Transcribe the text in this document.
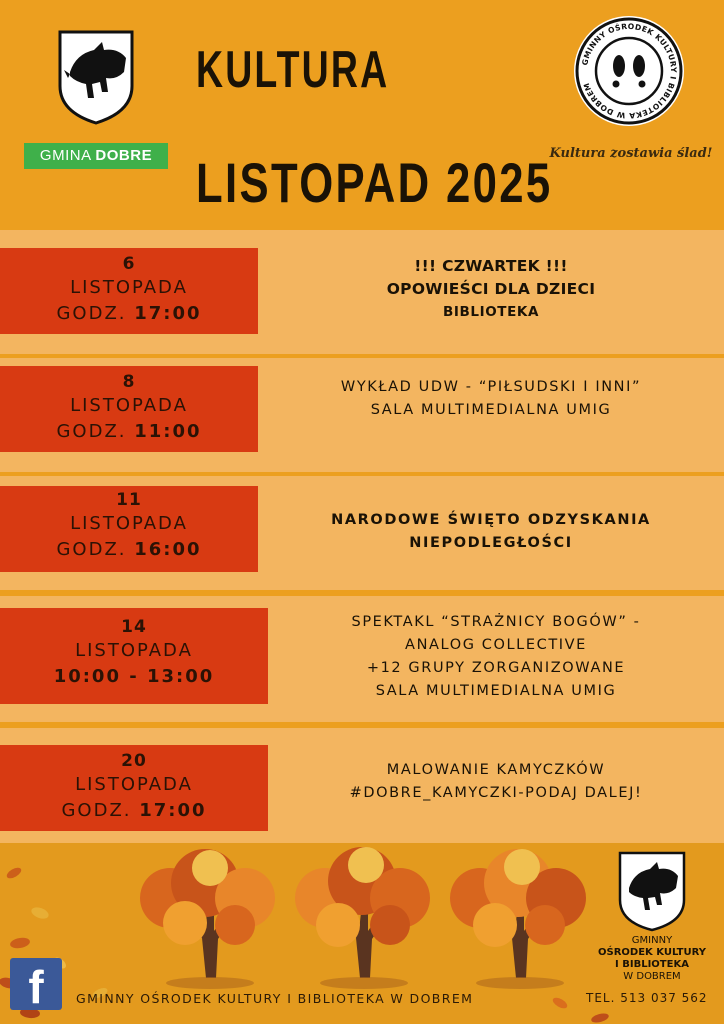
GMINA DOBRE
KULTURA
LISTOPAD 2025
GMINNY OŚRODEK KULTURY I BIBLIOTEKA W DOBREM
Kultura zostawia ślad!
6
LISTOPADA
GODZ. 17:00
!!! CZWARTEK !!!
OPOWIEŚCI DLA DZIECI
BIBLIOTEKA
8
LISTOPADA
GODZ. 11:00
WYKŁAD UDW - “PIŁSUDSKI I INNI”
SALA MULTIMEDIALNA UMIG
11
LISTOPADA
GODZ. 16:00
NARODOWE ŚWIĘTO ODZYSKANIA
NIEPODLEGŁOŚCI
14
LISTOPADA
10:00 - 13:00
SPEKTAKL “STRAŻNICY BOGÓW” -
ANALOG COLLECTIVE
+12 GRUPY ZORGANIZOWANE
SALA MULTIMEDIALNA UMIG
20
LISTOPADA
GODZ. 17:00
MALOWANIE KAMYCZKÓW
#DOBRE_KAMYCZKI-PODAJ DALEJ!
GMINNY
OŚRODEK KULTURY
I BIBLIOTEKA
W DOBREM
f	GMINNY OŚRODEK KULTURY I BIBLIOTEKA W DOBREM	TEL. 513 037 562
